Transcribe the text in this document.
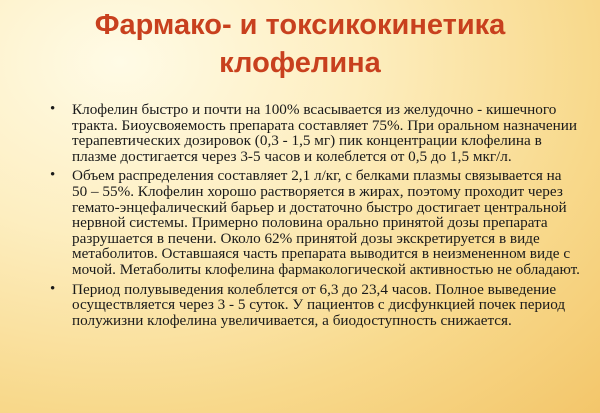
Фармако- и токсикокинетика
клофелина
• Клофелин быстро и почти на 100% всасывается из желудочно - кишечного тракта. Биоусвояемость препарата составляет 75%. При оральном назначении терапевтических дозировок (0,3 - 1,5 мг) пик концентрации клофелина в плазме достигается через 3-5 часов и колеблется от 0,5 до 1,5 мкг/л.
• Объем распределения составляет 2,1 л/кг, с белками плазмы связывается на 50 – 55%. Клофелин хорошо растворяется в жирах, поэтому проходит через гемато-энцефалический барьер и достаточно быстро достигает центральной нервной системы. Примерно половина орально принятой дозы препарата разрушается в печени. Около 62% принятой дозы экскретируется в виде метаболитов. Оставшаяся часть препарата выводится в неизмененном виде с мочой. Метаболиты клофелина фармакологической активностью не обладают.
• Период полувыведения колеблется от 6,3 до 23,4 часов. Полное выведение осуществляется через 3 - 5 суток. У пациентов с дисфункцией почек период полужизни клофелина увеличивается, а биодоступность снижается.
